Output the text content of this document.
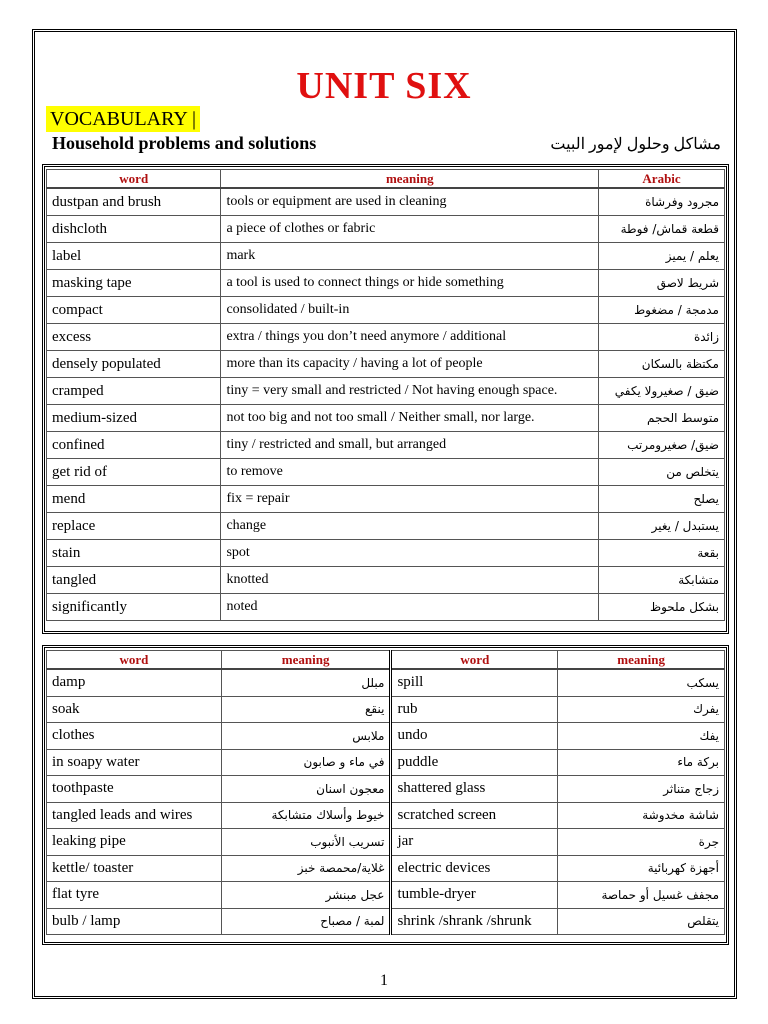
UNIT SIX
VOCABULARY |
Household problems and solutions	مشاكل وحلول لإمور البيت
word	meaning	Arabic
dustpan and brush	tools or equipment are used in cleaning	مجرود وفرشاة
dishcloth	a piece of clothes or fabric	قطعة قماش/ فوطة
label	mark	يعلم / يميز
masking tape	a tool is used to connect things or hide something	شريط لاصق
compact	consolidated / built-in	مدمجة / مضغوط
excess	extra / things you don’t need anymore / additional	زائدة
densely populated	more than its capacity / having a lot of people	مكتظة بالسكان
cramped	tiny = very small and restricted / Not having enough space.	ضيق / صغيرولا يكفي
medium-sized	not too big and not too small / Neither small, nor large.	متوسط الحجم
confined	tiny / restricted and small, but arranged	ضيق/ صغيرومرتب
get rid of	to remove	يتخلص من
mend	fix = repair	يصلح
replace	change	يستبدل / يغير
stain	spot	بقعة
tangled	knotted	متشابكة
significantly	noted	بشكل ملحوظ
word	meaning	word	meaning
damp	مبلل	spill	يسكب
soak	ينقع	rub	يفرك
clothes	ملابس	undo	يفك
in soapy water	في ماء و صابون	puddle	بركة ماء
toothpaste	معجون اسنان	shattered glass	زجاج متناثر
tangled leads and wires	خيوط وأسلاك متشابكة	scratched screen	شاشة مخدوشة
leaking pipe	تسريب الأنبوب	jar	جرة
kettle/ toaster	غلاية/محمصة خبز	electric devices	أجهزة كهربائية
flat tyre	عجل مبنشر	tumble-dryer	مجفف غسيل أو حماصة
bulb / lamp	لمبة / مصباح	shrink /shrank /shrunk	يتقلص
1
